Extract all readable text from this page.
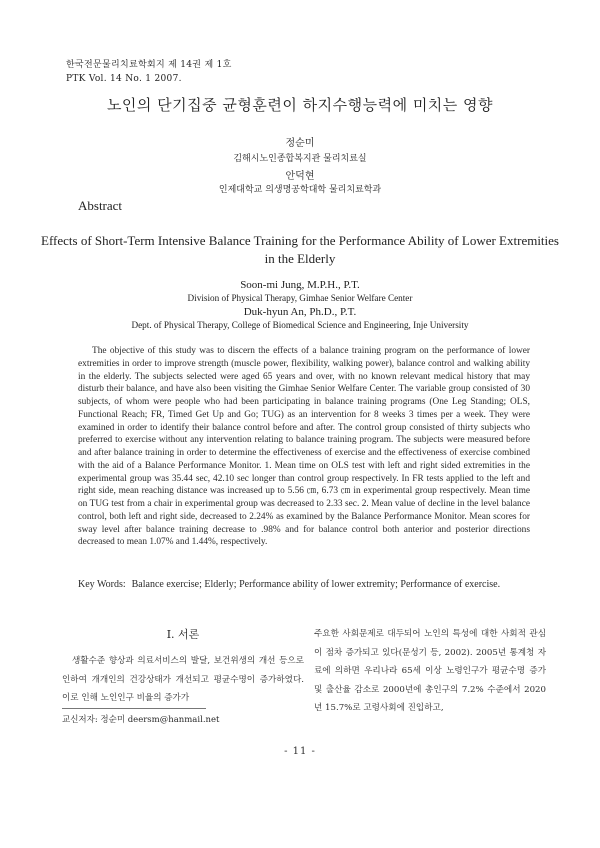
한국전문물리치료학회지 제 14권 제 1호
PTK Vol. 14 No. 1 2007.
노인의 단기집중 균형훈련이 하지수행능력에 미치는 영향
정순미
김해시노인종합복지관 물리치료실
안덕현
인제대학교 의생명공학대학 물리치료학과
Abstract
Effects of Short-Term Intensive Balance Training for the Performance Ability of Lower Extremities in the Elderly
Soon-mi Jung, M.P.H., P.T.
Division of Physical Therapy, Gimhae Senior Welfare Center
Duk-hyun An, Ph.D., P.T.
Dept. of Physical Therapy, College of Biomedical Science and Engineering, Inje University
The objective of this study was to discern the effects of a balance training program on the performance of lower extremities in order to improve strength (muscle power, flexibility, walking power), balance control and walking ability in the elderly. The subjects selected were aged 65 years and over, with no known relevant medical history that may disturb their balance, and have also been visiting the Gimhae Senior Welfare Center. The variable group consisted of 30 subjects, of whom were people who had been participating in balance training programs (One Leg Standing; OLS, Functional Reach; FR, Timed Get Up and Go; TUG) as an intervention for 8 weeks 3 times per a week. They were examined in order to identify their balance control before and after. The control group consisted of thirty subjects who preferred to exercise without any intervention relating to balance training program. The subjects were measured before and after balance training in order to determine the effectiveness of exercise and the effectiveness of exercise combined with the aid of a Balance Performance Monitor. 1. Mean time on OLS test with left and right sided extremities in the experimental group was 35.44 sec, 42.10 sec longer than control group respectively. In FR tests applied to the left and right side, mean reaching distance was increased up to 5.56 ㎝, 6.73 ㎝ in experimental group respectively. Mean time on TUG test from a chair in experimental group was decreased to 2.33 sec. 2. Mean value of decline in the level balance control, both left and right side, decreased to 2.24% as examined by the Balance Performance Monitor. Mean scores for sway level after balance training decrease to .98% and for balance control both anterior and posterior directions decreased to mean 1.07% and 1.44%, respectively.
Key Words: Balance exercise; Elderly; Performance ability of lower extremity; Performance of exercise.
Ⅰ. 서론
생활수준 향상과 의료서비스의 발달, 보건위생의 개선 등으로 인하여 개개인의 건강상태가 개선되고 평균수명이 증가하였다. 이로 인해 노인인구 비율의 증가가
주요한 사회문제로 대두되어 노인의 특성에 대한 사회적 관심이 점차 증가되고 있다(문성기 등, 2002). 2005년 통계청 자료에 의하면 우리나라 65세 이상 노령인구가 평균수명 증가 및 출산율 감소로 2000년에 총인구의 7.2% 수준에서 2020년 15.7%로 고령사회에 진입하고,
교신저자: 정순미 deersm@hanmail.net
- 11 -
